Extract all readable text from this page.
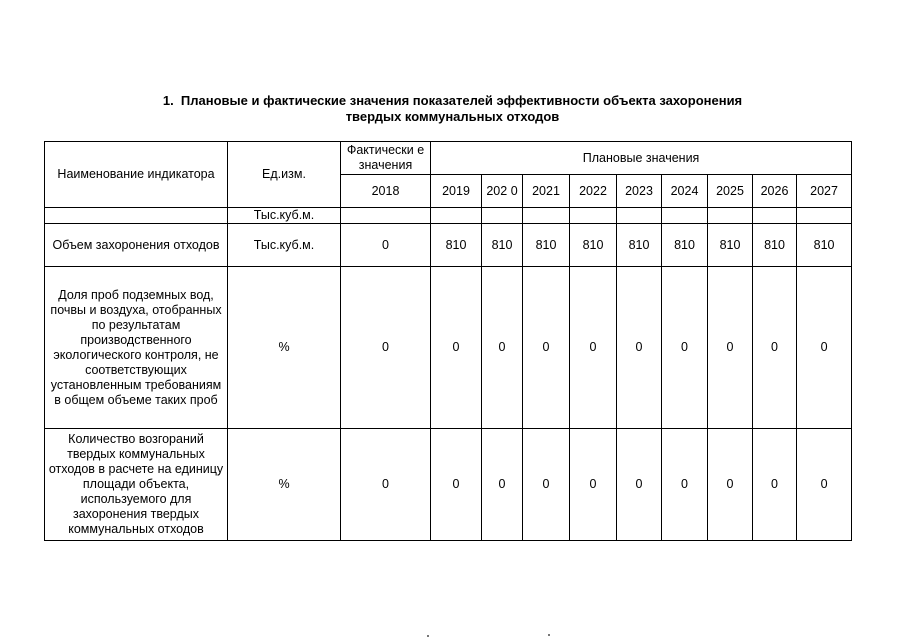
1. Плановые и фактические значения показателей эффективности объекта захоронения
твердых коммунальных отходов
Наименование индикатора	Ед.изм.	Фактически е значения	Плановые значения								
		2018	2019	202 0	2021	2022	2023	2024	2025	2026	2027
	Тыс.куб.м.										
Объем захоронения отходов	Тыс.куб.м.	0	810	810	810	810	810	810	810	810	810
Доля проб подземных вод, почвы и воздуха, отобранных по результатам производственного экологического контроля, не соответствующих установленным требованиям в общем объеме таких проб	%	0	0	0	0	0	0	0	0	0	0
Количество возгораний твердых коммунальных отходов в расчете на единицу площади объекта, используемого для захоронения твердых коммунальных отходов	%	0	0	0	0	0	0	0	0	0	0
